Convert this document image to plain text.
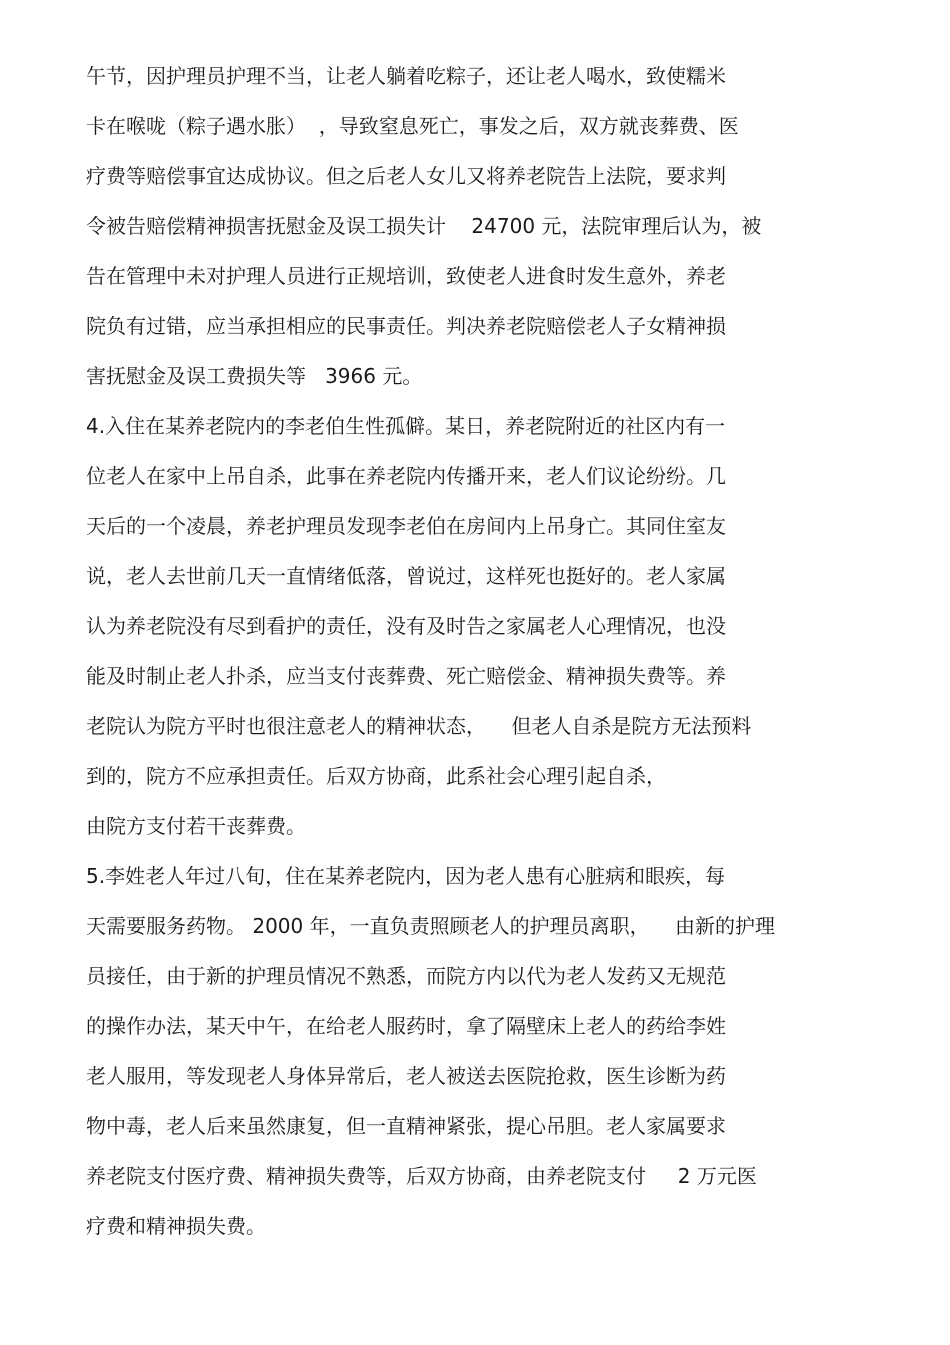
午节，因护理员护理不当，让老人躺着吃粽子，还让老人喝水，致使糯米
卡在喉咙（粽子遇水胀）  ，导致窒息死亡，事发之后，双方就丧葬费、医
疗费等赔偿事宜达成协议。但之后老人女儿又将养老院告上法院，要求判
令被告赔偿精神损害抚慰金及误工损失计    24700 元，法院审理后认为，被
告在管理中未对护理人员进行正规培训，致使老人进食时发生意外，养老
院负有过错，应当承担相应的民事责任。判决养老院赔偿老人子女精神损
害抚慰金及误工费损失等   3966 元。
4.入住在某养老院内的李老伯生性孤僻。某日，养老院附近的社区内有一
位老人在家中上吊自杀，此事在养老院内传播开来，老人们议论纷纷。几
天后的一个凌晨，养老护理员发现李老伯在房间内上吊身亡。其同住室友
说，老人去世前几天一直情绪低落，曾说过，这样死也挺好的。老人家属
认为养老院没有尽到看护的责任，没有及时告之家属老人心理情况，也没
能及时制止老人扑杀，应当支付丧葬费、死亡赔偿金、精神损失费等。养
老院认为院方平时也很注意老人的精神状态，    但老人自杀是院方无法预料
到的，院方不应承担责任。后双方协商，此系社会心理引起自杀，
由院方支付若干丧葬费。
5.李姓老人年过八旬，住在某养老院内，因为老人患有心脏病和眼疾，每
天需要服务药物。 2000 年，一直负责照顾老人的护理员离职，    由新的护理
员接任，由于新的护理员情况不熟悉，而院方内以代为老人发药又无规范
的操作办法，某天中午，在给老人服药时，拿了隔壁床上老人的药给李姓
老人服用，等发现老人身体异常后，老人被送去医院抢救，医生诊断为药
物中毒，老人后来虽然康复，但一直精神紧张，提心吊胆。老人家属要求
养老院支付医疗费、精神损失费等，后双方协商，由养老院支付     2 万元医
疗费和精神损失费。
